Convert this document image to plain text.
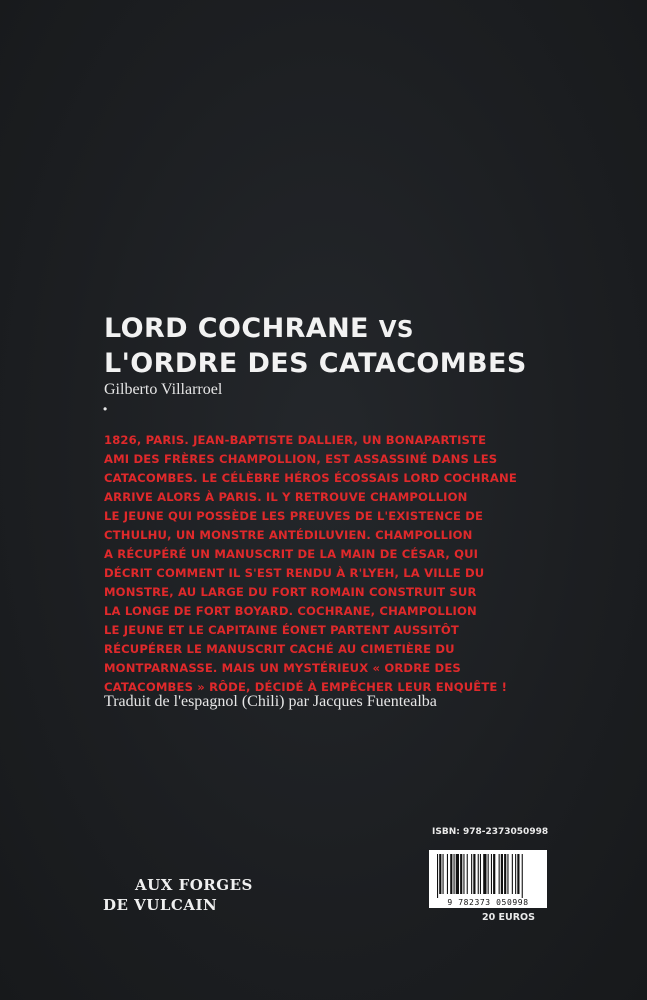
LORD COCHRANE VS
L'ORDRE DES CATACOMBES

Gilberto Villarroel

•

1826, PARIS. JEAN-BAPTISTE DALLIER, UN BONAPARTISTE
AMI DES FRÈRES CHAMPOLLION, EST ASSASSINÉ DANS LES
CATACOMBES. LE CÉLÈBRE HÉROS ÉCOSSAIS LORD COCHRANE
ARRIVE ALORS À PARIS. IL Y RETROUVE CHAMPOLLION
LE JEUNE QUI POSSÈDE LES PREUVES DE L'EXISTENCE DE
CTHULHU, UN MONSTRE ANTÉDILUVIEN. CHAMPOLLION
A RÉCUPÉRÉ UN MANUSCRIT DE LA MAIN DE CÉSAR, QUI
DÉCRIT COMMENT IL S'EST RENDU À R'LYEH, LA VILLE DU
MONSTRE, AU LARGE DU FORT ROMAIN CONSTRUIT SUR
LA LONGE DE FORT BOYARD. COCHRANE, CHAMPOLLION
LE JEUNE ET LE CAPITAINE ÉONET PARTENT AUSSITÔT
RÉCUPÉRER LE MANUSCRIT CACHÉ AU CIMETIÈRE DU
MONTPARNASSE. MAIS UN MYSTÉRIEUX « ORDRE DES
CATACOMBES » RÔDE, DÉCIDÉ À EMPÊCHER LEUR ENQUÊTE !

Traduit de l'espagnol (Chili) par Jacques Fuentealba

AUX FORGES
DE VULCAIN
ISBN: 978-2373050998
9 782373 050998
20 EUROS
